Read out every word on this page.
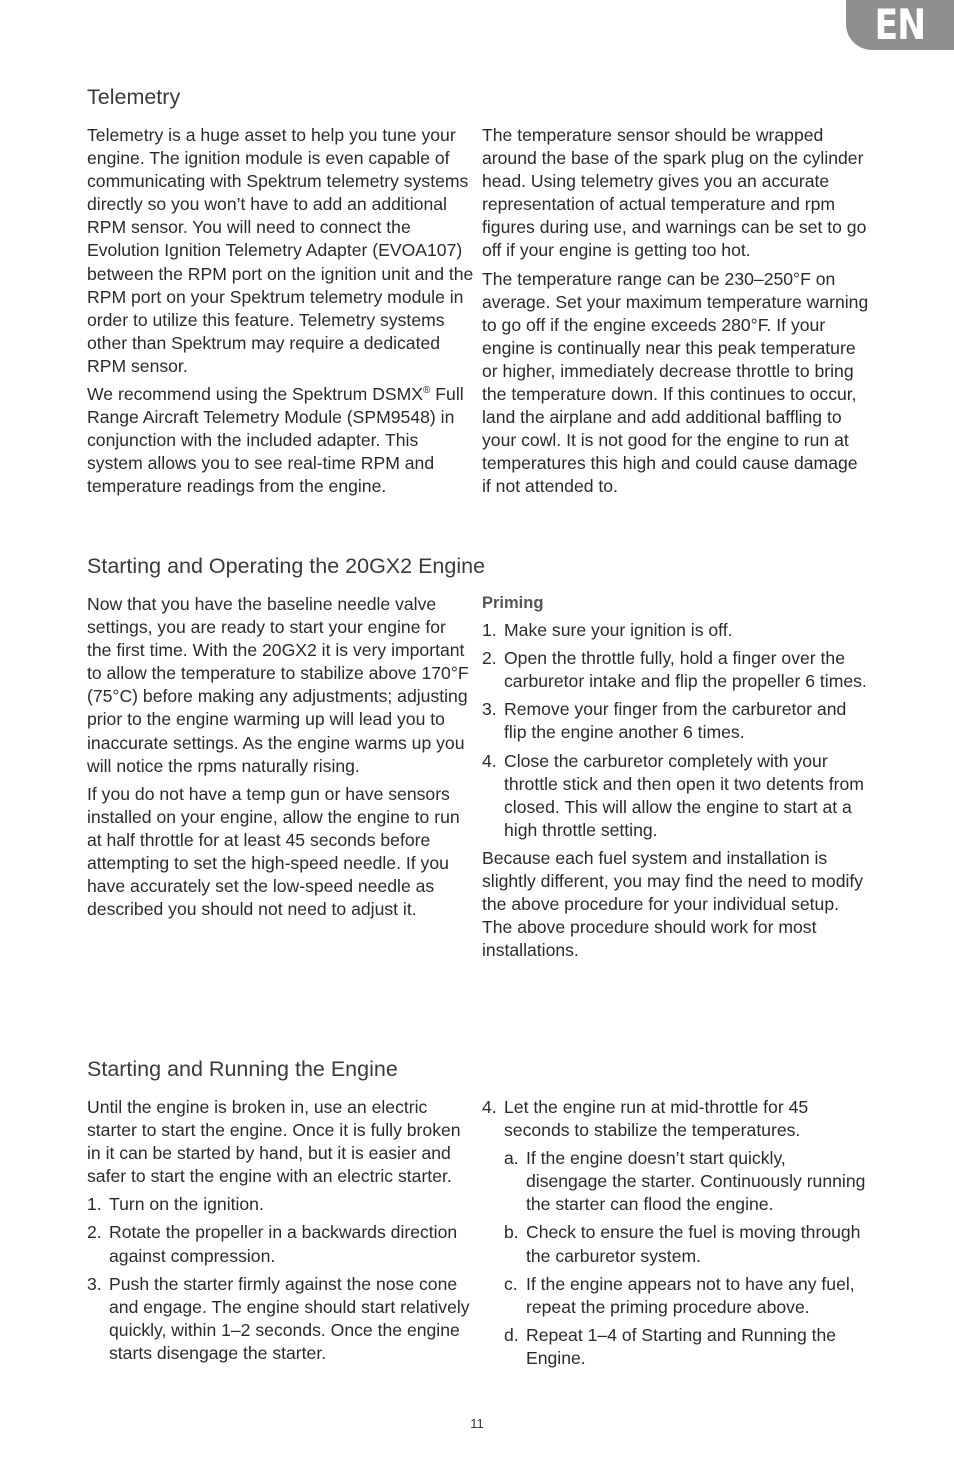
EN
Telemetry

Telemetry is a huge asset to help you tune your engine. The ignition module is even capable of communicating with Spektrum telemetry systems directly so you won’t have to add an additional RPM sensor. You will need to connect the Evolution Ignition Telemetry Adapter (EVOA107) between the RPM port on the ignition unit and the RPM port on your Spektrum telemetry module in order to utilize this feature. Telemetry systems other than Spektrum may require a dedicated RPM sensor.

We recommend using the Spektrum DSMX® Full Range Aircraft Telemetry Module (SPM9548) in conjunction with the included adapter. This system allows you to see real-time RPM and temperature readings from the engine.

The temperature sensor should be wrapped around the base of the spark plug on the cylinder head. Using telemetry gives you an accurate representation of actual temperature and rpm figures during use, and warnings can be set to go off if your engine is getting too hot.

The temperature range can be 230–250°F on average. Set your maximum temperature warning to go off if the engine exceeds 280°F. If your engine is continually near this peak temperature or higher, immediately decrease throttle to bring the temperature down. If this continues to occur, land the airplane and add additional baffling to your cowl. It is not good for the engine to run at temperatures this high and could cause damage if not attended to.

Starting and Operating the 20GX2 Engine

Now that you have the baseline needle valve settings, you are ready to start your engine for the first time. With the 20GX2 it is very important to allow the temperature to stabilize above 170°F (75°C) before making any adjustments; adjusting prior to the engine warming up will lead you to inaccurate settings. As the engine warms up you will notice the rpms naturally rising.

If you do not have a temp gun or have sensors installed on your engine, allow the engine to run at half throttle for at least 45 seconds before attempting to set the high-speed needle. If you have accurately set the low-speed needle as described you should not need to adjust it.

Priming

1. Make sure your ignition is off.
2. Open the throttle fully, hold a finger over the carburetor intake and flip the propeller 6 times.
3. Remove your finger from the carburetor and flip the engine another 6 times.
4. Close the carburetor completely with your throttle stick and then open it two detents from closed. This will allow the engine to start at a high throttle setting.

Because each fuel system and installation is slightly different, you may find the need to modify the above procedure for your individual setup. The above procedure should work for most installations.

Starting and Running the Engine

Until the engine is broken in, use an electric starter to start the engine. Once it is fully broken in it can be started by hand, but it is easier and safer to start the engine with an electric starter.

1. Turn on the ignition.
2. Rotate the propeller in a backwards direction against compression.
3. Push the starter firmly against the nose cone and engage. The engine should start relatively quickly, within 1–2 seconds. Once the engine starts disengage the starter.
4. Let the engine run at mid-throttle for 45 seconds to stabilize the temperatures.
a. If the engine doesn’t start quickly, disengage the starter. Continuously running the starter can flood the engine.
b. Check to ensure the fuel is moving through the carburetor system.
c. If the engine appears not to have any fuel, repeat the priming procedure above.
d. Repeat 1–4 of Starting and Running the Engine.
11
